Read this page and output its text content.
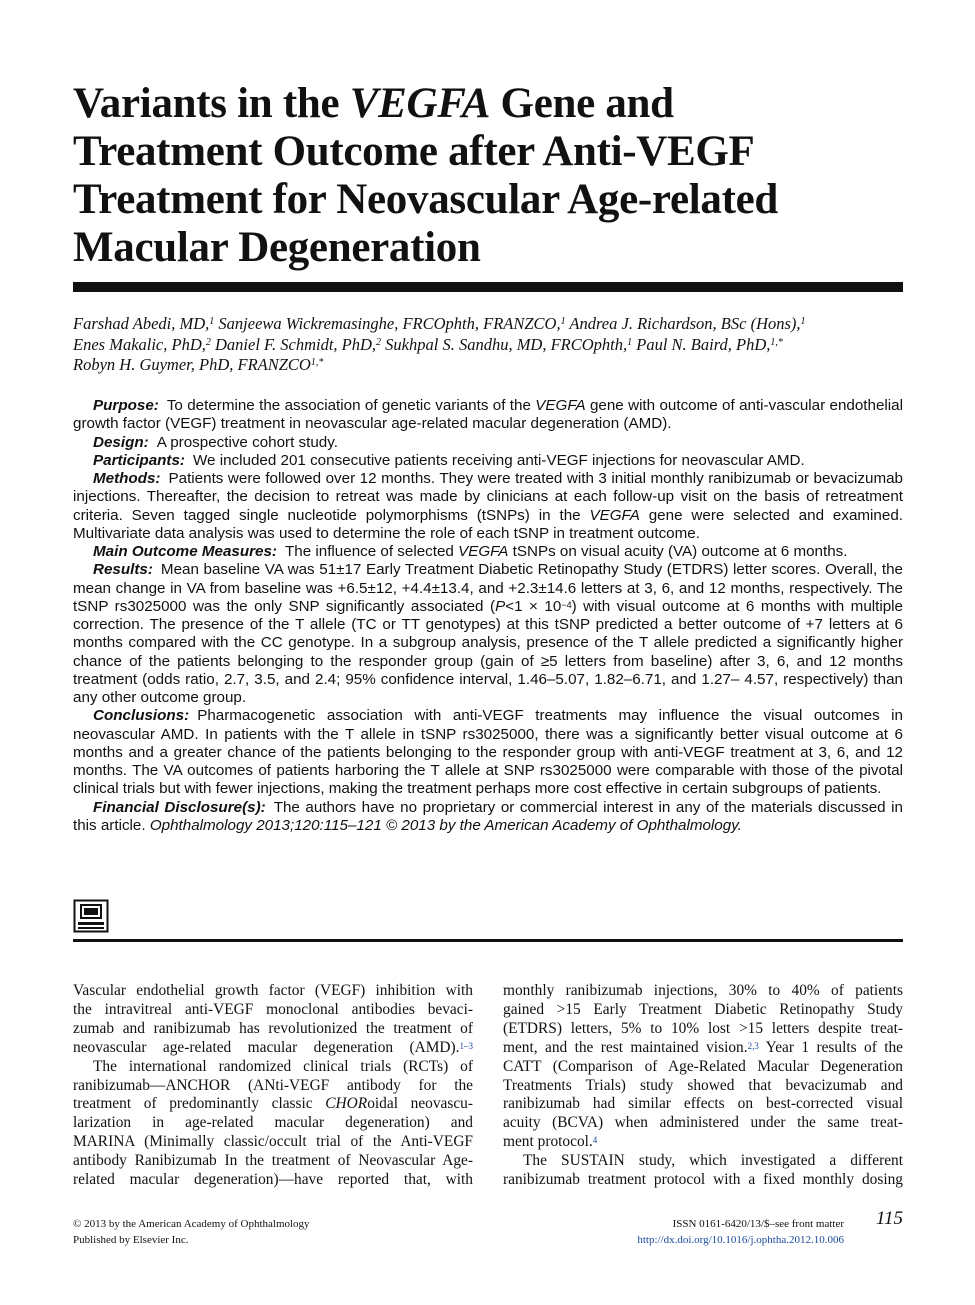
Variants in the VEGFA Gene and
Treatment Outcome after Anti-VEGF
Treatment for Neovascular Age-related
Macular Degeneration
Farshad Abedi, MD,$^1$ Sanjeewa Wickremasinghe, FRCOphth, FRANZCO,$^1$ Andrea J. Richardson, BSc (Hons),$^1$
Enes Makalic, PhD,$^2$ Daniel F. Schmidt, PhD,$^2$ Sukhpal S. Sandhu, MD, FRCOphth,$^1$ Paul N. Baird, PhD,$^{1,*}$
Robyn H. Guymer, PhD, $FRANZCO^{1,*}$

Purpose: To determine the association of genetic variants of the VEGFA gene with outcome of anti-vascular endothelial growth factor (VEGF) treatment in neovascular age-related macular degeneration (AMD).

Design: A prospective cohort study.

Participants: We included 201 consecutive patients receiving anti-VEGF injections for neovascular AMD.

Methods: Patients were followed over 12 months. They were treated with 3 initial monthly ranibizumab or bevacizumab injections. Thereafter, the decision to retreat was made by clinicians at each follow-up visit on the basis of retreatment criteria. Seven tagged single nucleotide polymorphisms (tSNPs) in the VEGFA gene were selected and examined. Multivariate data analysis was used to determine the role of each tSNP in treatment outcome.

Main Outcome Measures: The influence of selected VEGFA tSNPs on visual acuity (VA) outcome at 6 months.

Results: Mean baseline VA was 51±17 Early Treatment Diabetic Retinopathy Study (ETDRS) letter scores. Overall, the mean change in VA from baseline was +6.5±12, +4.4±13.4, and +2.3±14.6 letters at 3, 6, and 12 months, respectively. The tSNP rs3025000 was the only SNP significantly associated $(P<1 \times 10^{-4})$ with visual outcome at 6 months with multiple correction. The presence of the T allele (TC or TT genotypes) at this tSNP predicted a better outcome of +7 letters at 6 months compared with the CC genotype. In a subgroup analysis, presence of the T allele predicted a significantly higher chance of the patients belonging to the responder group (gain of ≥5 letters from baseline) after 3, 6, and 12 months treatment (odds ratio, 2.7, 3.5, and 2.4; 95% confidence interval, 1.46–5.07, 1.82–6.71, and 1.27– 4.57, respectively) than any other outcome group.

Conclusions: Pharmacogenetic association with anti-VEGF treatments may influence the visual outcomes in neovascular AMD. In patients with the T allele in tSNP rs3025000, there was a significantly better visual outcome at 6 months and a greater chance of the patients belonging to the responder group with anti-VEGF treatment at 3, 6, and 12 months. The VA outcomes of patients harboring the T allele at SNP rs3025000 were comparable with those of the pivotal clinical trials but with fewer injections, making the treatment perhaps more cost effective in certain subgroups of patients.

Financial Disclosure(s): The authors have no proprietary or commercial interest in any of the materials discussed in this article. Ophthalmology 2013;120:115–121 © 2013 by the American Academy of Ophthalmology.

Vascular endothelial growth factor (VEGF) inhibition with
the intravitreal anti-VEGF monoclonal antibodies bevaci-
zumab and ranibizumab has revolutionized the treatment of
neovascular age-related macular degeneration (AMD).$^{1-3}$
The international randomized clinical trials (RCTs) of
ranibizumab—ANCHOR (ANti-VEGF antibody for the
treatment of predominantly classic CHORoidal neovascu-
larization in age-related macular degeneration) and
MARINA (Minimally classic/occult trial of the Anti-VEGF
antibody Ranibizumab In the treatment of Neovascular Age-
related macular degeneration)—have reported that, with
monthly ranibizumab injections, 30% to 40% of patients
gained >15 Early Treatment Diabetic Retinopathy Study
(ETDRS) letters, 5% to 10% lost >15 letters despite treat-
ment, and the rest maintained vision.$^{2,3}$ Year 1 results of the
CATT (Comparison of Age-Related Macular Degeneration
Treatments Trials) study showed that bevacizumab and
ranibizumab had similar effects on best-corrected visual
acuity (BCVA) when administered under the same treat-
ment protocol.$^4$
The SUSTAIN study, which investigated a different
ranibizumab treatment protocol with a fixed monthly dosing
© 2013 by the American Academy of Ophthalmology
Published by Elsevier Inc.
ISSN 0161-6420/13/$–see front matter
http://dx.doi.org/10.1016/j.ophtha.2012.10.006
115
